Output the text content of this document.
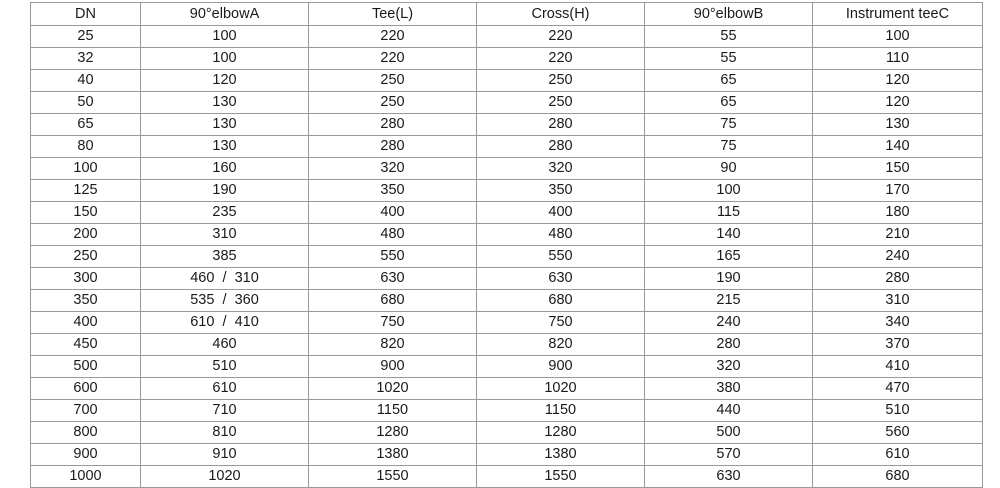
DN	90°elbowA	Tee(L)	Cross(H)	90°elbowB	Instrument teeC
25	100	220	220	55	100
32	100	220	220	55	110
40	120	250	250	65	120
50	130	250	250	65	120
65	130	280	280	75	130
80	130	280	280	75	140
100	160	320	320	90	150
125	190	350	350	100	170
150	235	400	400	115	180
200	310	480	480	140	210
250	385	550	550	165	240
300	460  /  310	630	630	190	280
350	535  /  360	680	680	215	310
400	610  /  410	750	750	240	340
450	460	820	820	280	370
500	510	900	900	320	410
600	610	1020	1020	380	470
700	710	1150	1150	440	510
800	810	1280	1280	500	560
900	910	1380	1380	570	610
1000	1020	1550	1550	630	680
